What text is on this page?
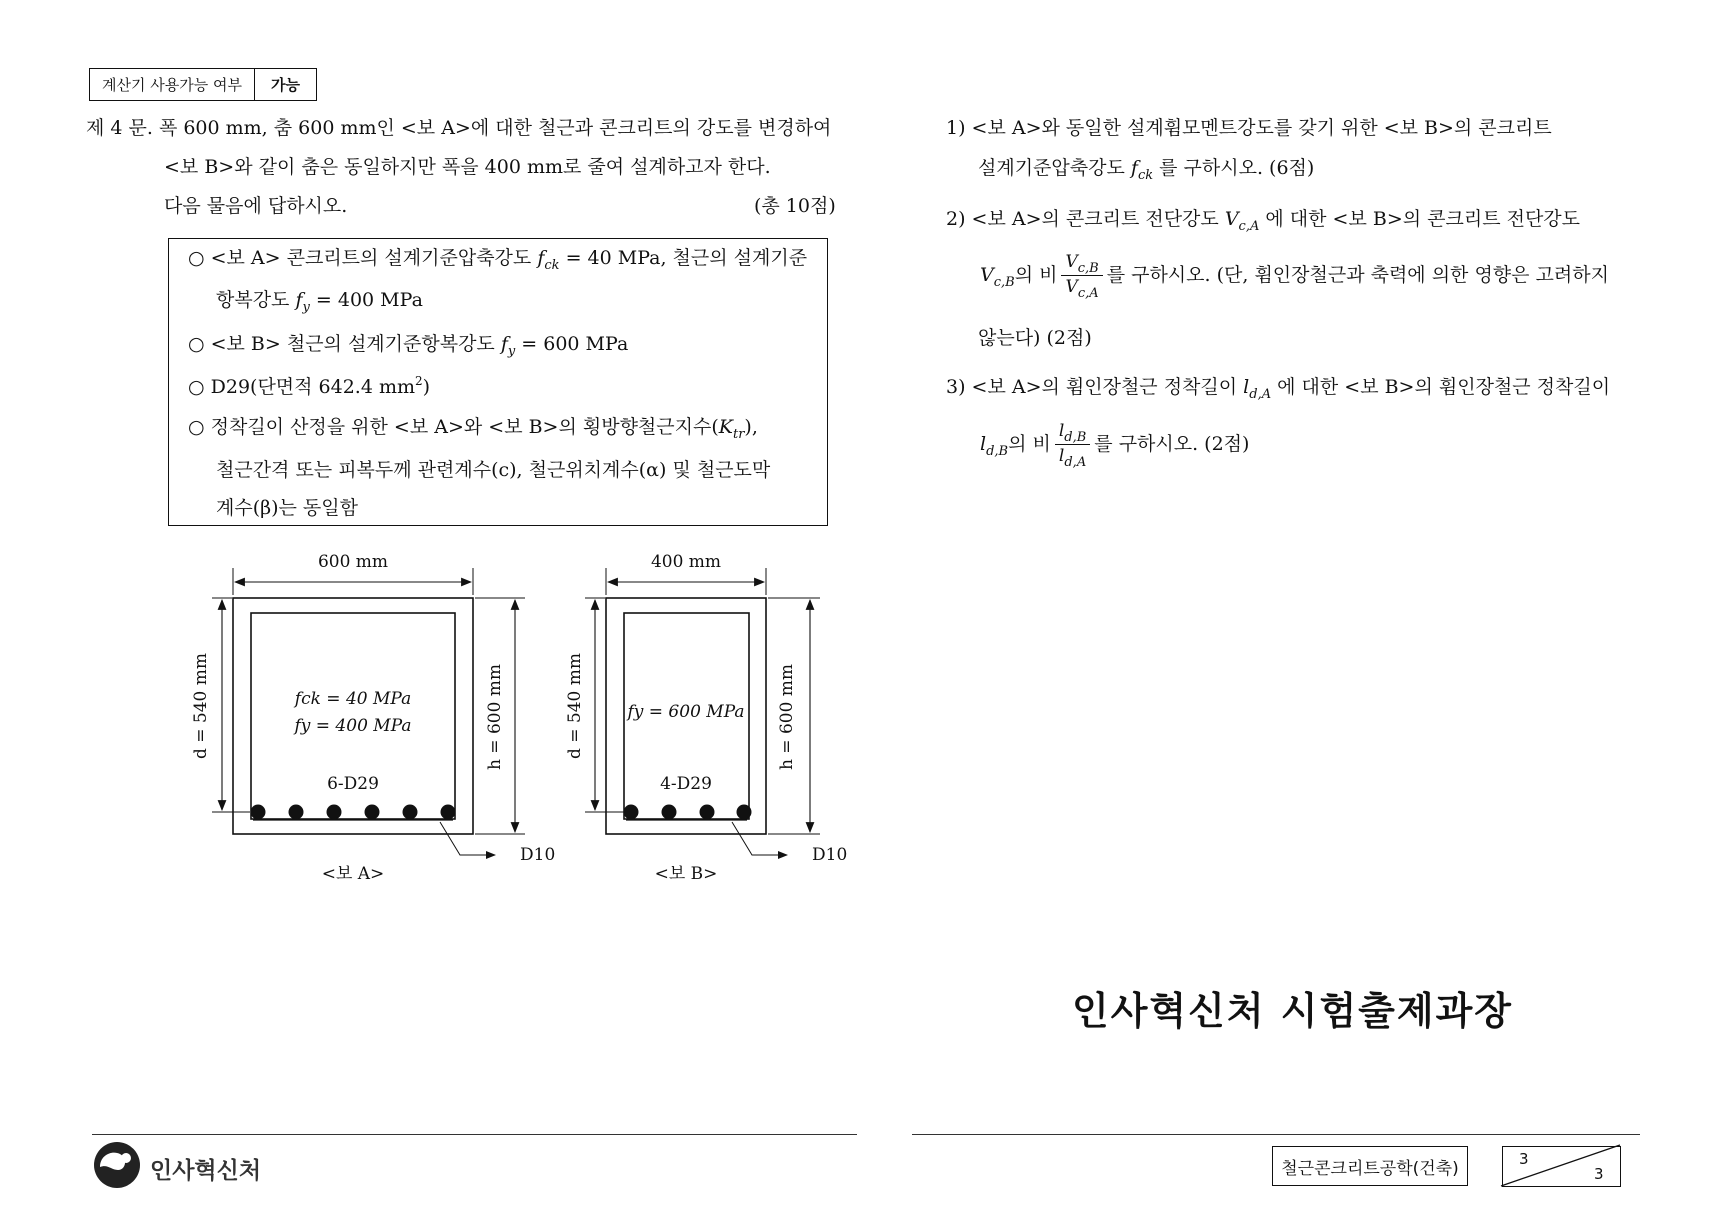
계산기 사용가능 여부	가능
제 4 문. 폭 600 mm, 춤 600 mm인 <보 A>에 대한 철근과 콘크리트의 강도를 변경하여
<보 B>와 같이 춤은 동일하지만 폭을 400 mm로 줄여 설계하고자 한다.
다음 물음에 답하시오.	(총 10점)
○ <보 A> 콘크리트의 설계기준압축강도 $f_{ck} = 40$ MPa, 철근의 설계기준
항복강도 $f_y = 400$ MPa
○ <보 B> 철근의 설계기준항복강도 $f_y = 600$ MPa
○ D29(단면적 642.4 $mm^2$)
○ 정착길이 산정을 위한 <보 A>와 <보 B>의 횡방향철근지수$(K_{tr})$,
철근간격 또는 피복두께 관련계수(c), 철근위치계수(α) 및 철근도막
계수(β)는 동일함
600 mm
fck = 40 MPa
fy = 400 MPa
6-D29
D10
<보 A>
d = 540 mm	h = 600 mm
400 mm
fy = 600 MPa
4-D29
D10
<보 B>
d = 540 mm	h = 600 mm
1) <보 A>와 동일한 설계휨모멘트강도를 갖기 위한 <보 B>의 콘크리트
설계기준압축강도 $f_{ck}$ 를 구하시오. (6점)
2) <보 A>의 콘크리트 전단강도 $V_{c,A}$ 에 대한 <보 B>의 콘크리트 전단강도
$V_{c,B}$ 의 비 $\frac{V_{c,B}}{V_{c,A}}$ 를 구하시오. (단, 휨인장철근과 축력에 의한 영향은 고려하지
않는다) (2점)
3) <보 A>의 휨인장철근 정착길이 $l_{d,A}$ 에 대한 <보 B>의 휨인장철근 정착길이
$l_{d,B}$ 의 비 $\frac{l_{d,B}}{l_{d,A}}$ 를 구하시오. (2점)
인사혁신처 시험출제과장
인사혁신처	철근콘크리트공학(건축)	3
3
